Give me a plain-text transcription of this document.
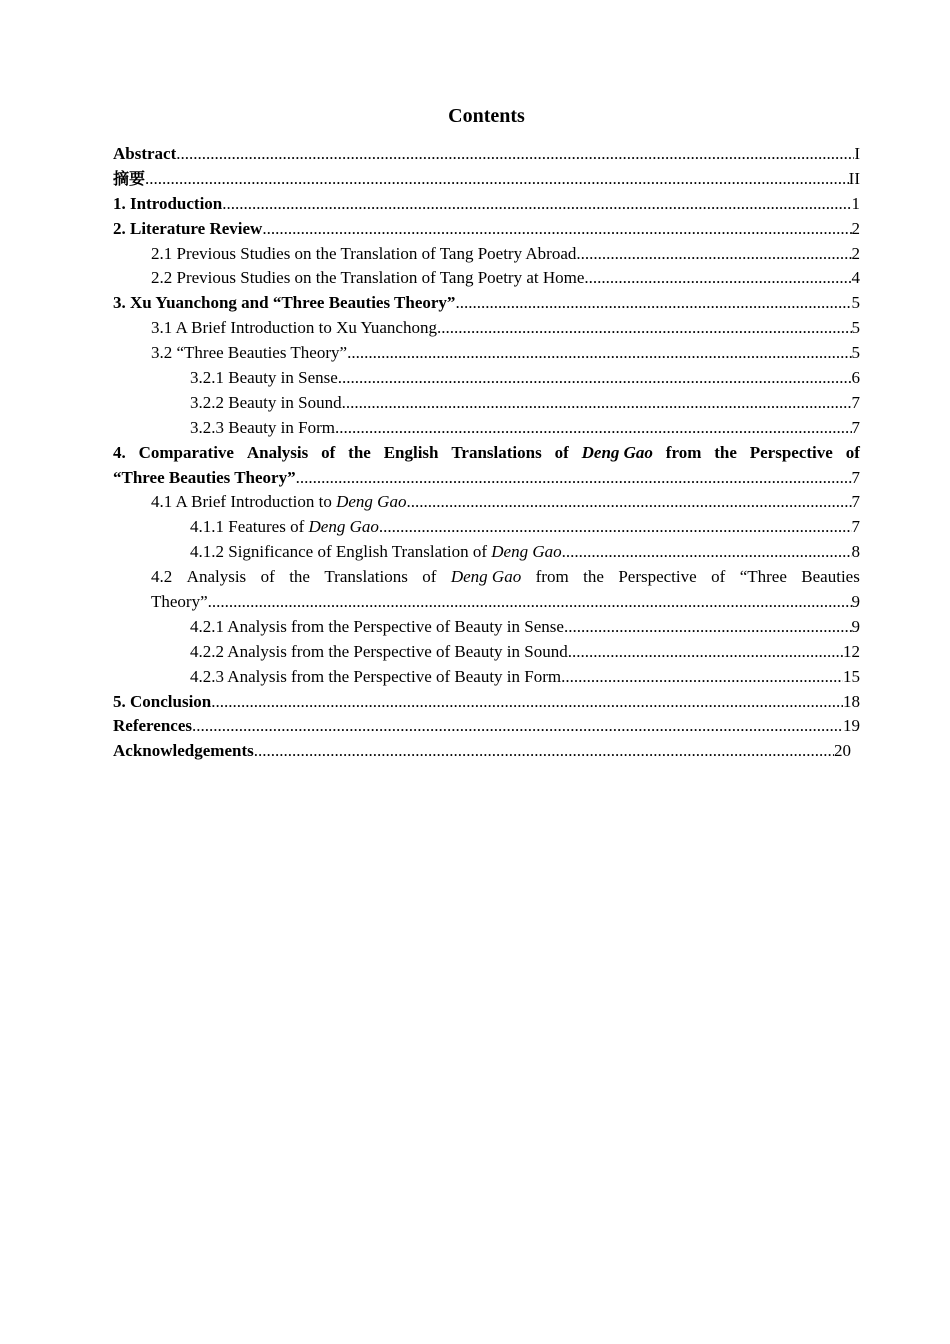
Contents
Abstract .....	I
摘要 .....	II
1. Introduction .....	1
2. Literature Review .....	2
2.1 Previous Studies on the Translation of Tang Poetry Abroad .....	2
2.2 Previous Studies on the Translation of Tang Poetry at Home .....	4
3. Xu Yuanchong and “Three Beauties Theory” .....	5
3.1 A Brief Introduction to Xu Yuanchong .....	5
3.2 “Three Beauties Theory” .....	5
3.2.1 Beauty in Sense .....	6
3.2.2 Beauty in Sound .....	7
3.2.3 Beauty in Form .....	7
4. Comparative Analysis of the English Translations of Deng Gao from the Perspective of
“Three Beauties Theory” .....	7
4.1 A Brief Introduction to Deng Gao .....	7
4.1.1 Features of Deng Gao .....	7
4.1.2 Significance of English Translation of Deng Gao .....	8
4.2 Analysis of the Translations of Deng Gao from the Perspective of “Three Beauties
Theory” .....	9
4.2.1 Analysis from the Perspective of Beauty in Sense .....	9
4.2.2 Analysis from the Perspective of Beauty in Sound .....	12
4.2.3 Analysis from the Perspective of Beauty in Form .....	15
5. Conclusion .....	18
References .....	19
Acknowledgements .....	20
